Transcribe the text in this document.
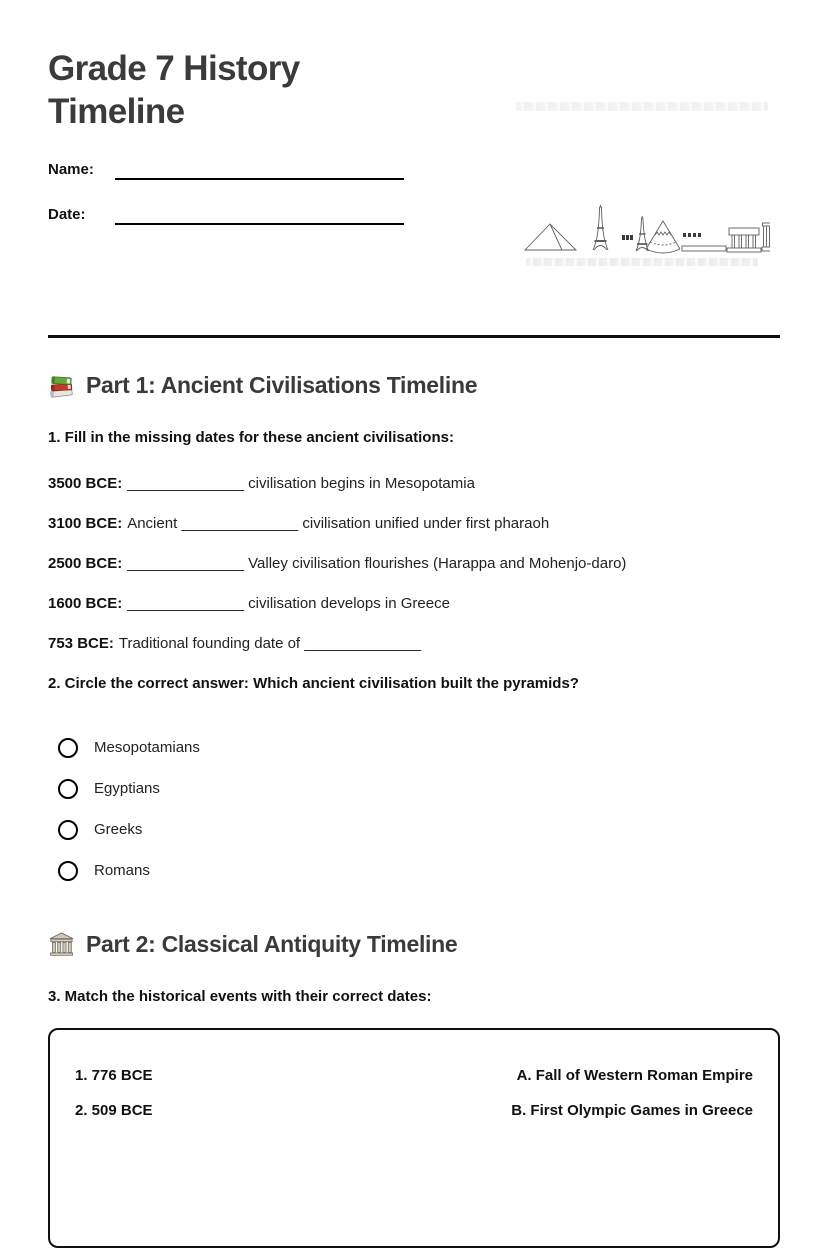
Grade 7 History Timeline
Name:
Date:
Part 1: Ancient Civilisations Timeline

1. Fill in the missing dates for these ancient civilisations:

3500 BCE: ______________ civilisation begins in Mesopotamia

3100 BCE: Ancient ______________ civilisation unified under first pharaoh

2500 BCE: ______________ Valley civilisation flourishes (Harappa and Mohenjo-daro)

1600 BCE: ______________ civilisation develops in Greece

753 BCE: Traditional founding date of ______________

2. Circle the correct answer: Which ancient civilisation built the pyramids?

Mesopotamians
Egyptians
Greeks
Romans
Part 2: Classical Antiquity Timeline

3. Match the historical events with their correct dates:

1. 776 BCE	A. Fall of Western Roman Empire
2. 509 BCE	B. First Olympic Games in Greece
